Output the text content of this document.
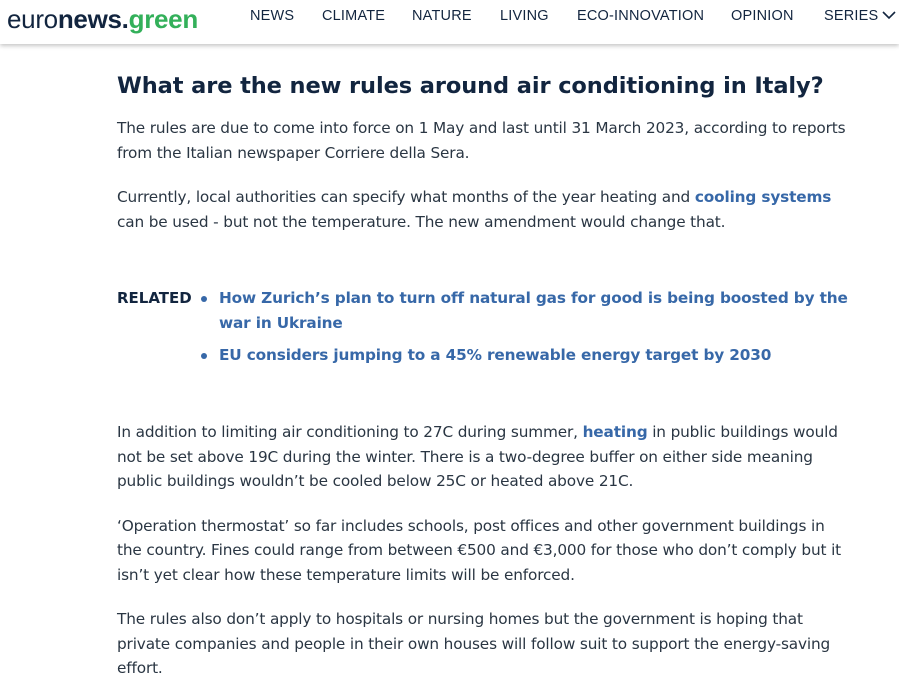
euronews.green	NEWS CLIMATE NATURE LIVING ECO-INNOVATION OPINION SERIES
What are the new rules around air conditioning in Italy?

The rules are due to come into force on 1 May and last until 31 March 2023, according to reports from the Italian newspaper Corriere della Sera.

Currently, local authorities can specify what months of the year heating and cooling systems can be used - but not the temperature. The new amendment would change that.

RELATED	How Zurich’s plan to turn off natural gas for good is being boosted by the war in Ukraine
EU considers jumping to a 45% renewable energy target by 2030

In addition to limiting air conditioning to 27C during summer, heating in public buildings would not be set above 19C during the winter. There is a two-degree buffer on either side meaning public buildings wouldn’t be cooled below 25C or heated above 21C.

‘Operation thermostat’ so far includes schools, post offices and other government buildings in the country. Fines could range from between €500 and €3,000 for those who don’t comply but it isn’t yet clear how these temperature limits will be enforced.

The rules also don’t apply to hospitals or nursing homes but the government is hoping that private companies and people in their own houses will follow suit to support the energy-saving effort.
